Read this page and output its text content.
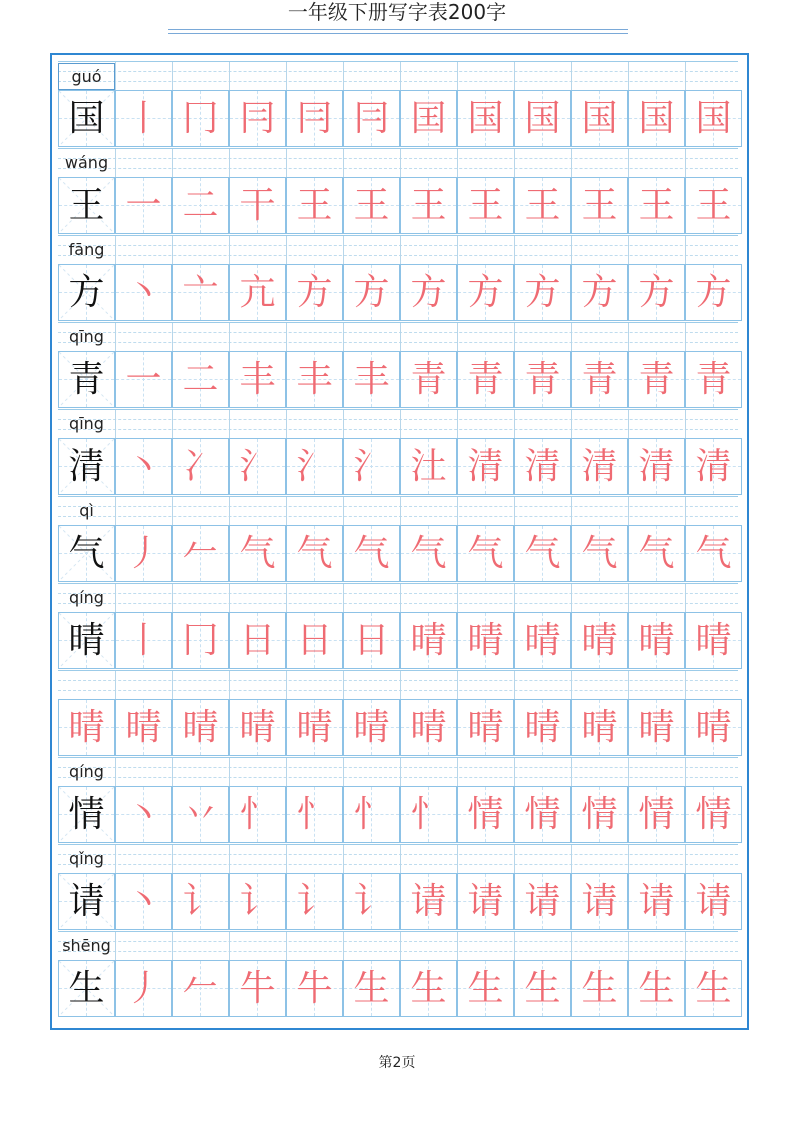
一年级下册写字表200字
guó
国 丨 冂 冃 冃 冃 囯 国 国 国 国 国
wáng
王 一 二 干 王 王 王 王 王 王 王 王
fāng
方 丶 亠 亢 方 方 方 方 方 方 方 方
qīng
青 一 二 丰 丰 丰 青 青 青 青 青 青
qīng
清 丶 冫 氵 氵 氵 汢 清 清 清 清 清
qì
气 丿 𠂉 气 气 气 气 气 气 气 气 气
qíng
晴 丨 冂 日 日 日 晴 晴 晴 晴 晴 晴
晴 晴 晴 晴 晴 晴 晴 晴 晴 晴 晴 晴
qíng
情 丶 丷 忄 忄 忄 忄 情 情 情 情 情
qǐng
请 丶 讠 讠 讠 讠 请 请 请 请 请 请
shēng
生 丿 𠂉 牛 牛 生 生 生 生 生 生 生
第2页
